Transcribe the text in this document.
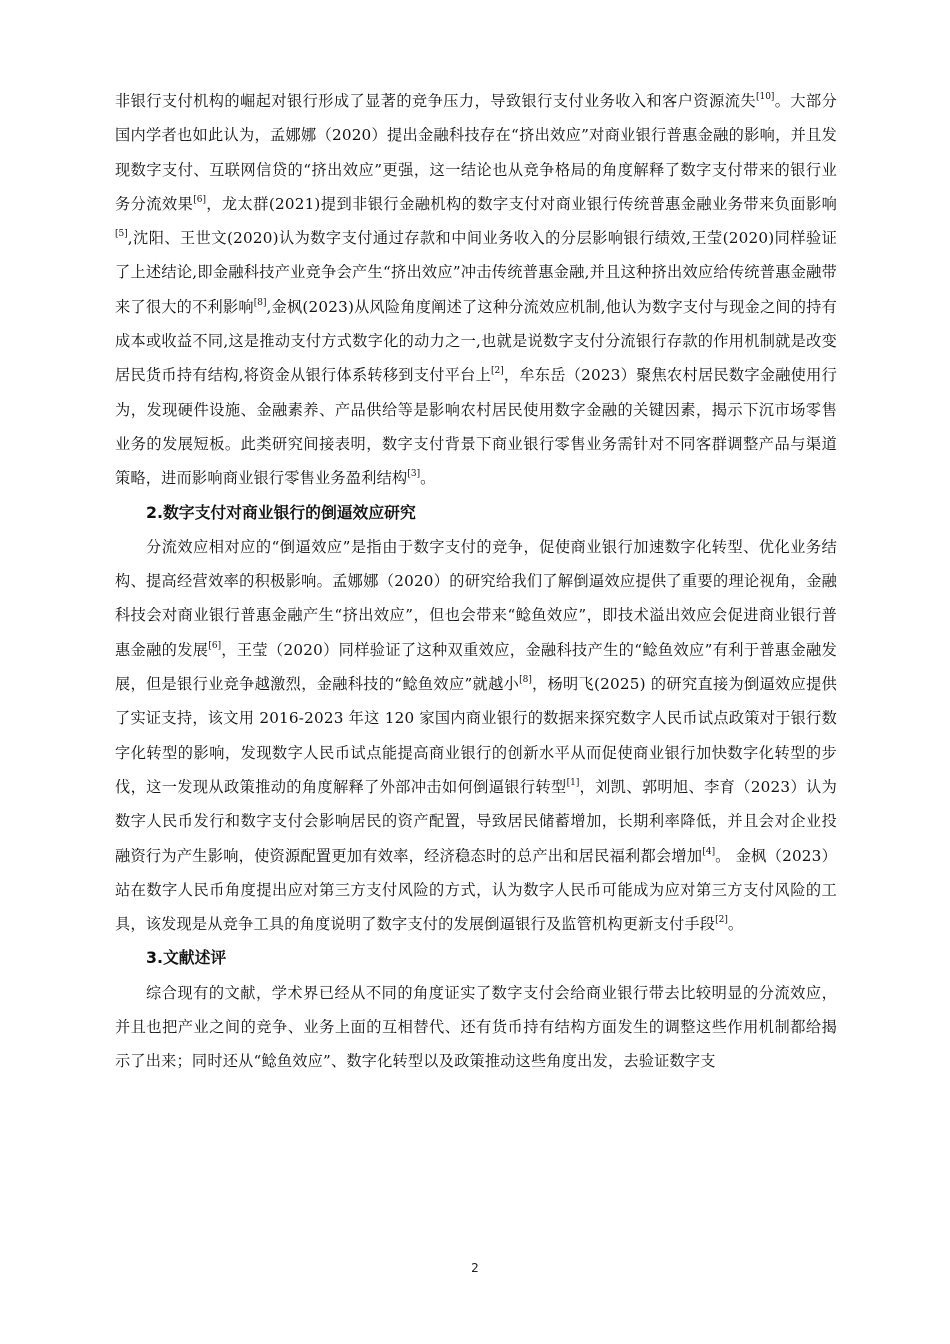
非银行支付机构的崛起对银行形成了显著的竞争压力，导致银行支付业务收入和客户资源流失[10]。大部分国内学者也如此认为，孟娜娜（2020）提出金融科技存在“挤出效应”对商业银行普惠金融的影响，并且发现数字支付、互联网信贷的“挤出效应”更强，这一结论也从竞争格局的角度解释了数字支付带来的银行业务分流效果[6]，龙太群(2021)提到非银行金融机构的数字支付对商业银行传统普惠金融业务带来负面影响[5],沈阳、王世文(2020)认为数字支付通过存款和中间业务收入的分层影响银行绩效,王莹(2020)同样验证了上述结论,即金融科技产业竞争会产生“挤出效应”冲击传统普惠金融,并且这种挤出效应给传统普惠金融带来了很大的不利影响[8],金枫(2023)从风险角度阐述了这种分流效应机制,他认为数字支付与现金之间的持有成本或收益不同,这是推动支付方式数字化的动力之一,也就是说数字支付分流银行存款的作用机制就是改变居民货币持有结构,将资金从银行体系转移到支付平台上[2]，牟东岳（2023）聚焦农村居民数字金融使用行为，发现硬件设施、金融素养、产品供给等是影响农村居民使用数字金融的关键因素，揭示下沉市场零售业务的发展短板。此类研究间接表明，数字支付背景下商业银行零售业务需针对不同客群调整产品与渠道策略，进而影响商业银行零售业务盈利结构[3]。

2.数字支付对商业银行的倒逼效应研究

分流效应相对应的“倒逼效应”是指由于数字支付的竞争，促使商业银行加速数字化转型、优化业务结构、提高经营效率的积极影响。孟娜娜（2020）的研究给我们了解倒逼效应提供了重要的理论视角，金融科技会对商业银行普惠金融产生“挤出效应”，但也会带来“鲶鱼效应”，即技术溢出效应会促进商业银行普惠金融的发展[6]，王莹（2020）同样验证了这种双重效应，金融科技产生的“鲶鱼效应”有利于普惠金融发展，但是银行业竞争越激烈，金融科技的“鲶鱼效应”就越小[8]，杨明飞(2025) 的研究直接为倒逼效应提供了实证支持，该文用 2016-2023 年这 120 家国内商业银行的数据来探究数字人民币试点政策对于银行数字化转型的影响，发现数字人民币试点能提高商业银行的创新水平从而促使商业银行加快数字化转型的步伐，这一发现从政策推动的角度解释了外部冲击如何倒逼银行转型[1]，刘凯、郭明旭、李育（2023）认为数字人民币发行和数字支付会影响居民的资产配置，导致居民储蓄增加，长期利率降低，并且会对企业投融资行为产生影响，使资源配置更加有效率，经济稳态时的总产出和居民福利都会增加[4]。 金枫（2023）站在数字人民币角度提出应对第三方支付风险的方式，认为数字人民币可能成为应对第三方支付风险的工具，该发现是从竞争工具的角度说明了数字支付的发展倒逼银行及监管机构更新支付手段[2]。

3.文献述评

综合现有的文献，学术界已经从不同的角度证实了数字支付会给商业银行带去比较明显的分流效应，并且也把产业之间的竞争、业务上面的互相替代、还有货币持有结构方面发生的调整这些作用机制都给揭示了出来；同时还从“鲶鱼效应”、数字化转型以及政策推动这些角度出发，去验证数字支

2
